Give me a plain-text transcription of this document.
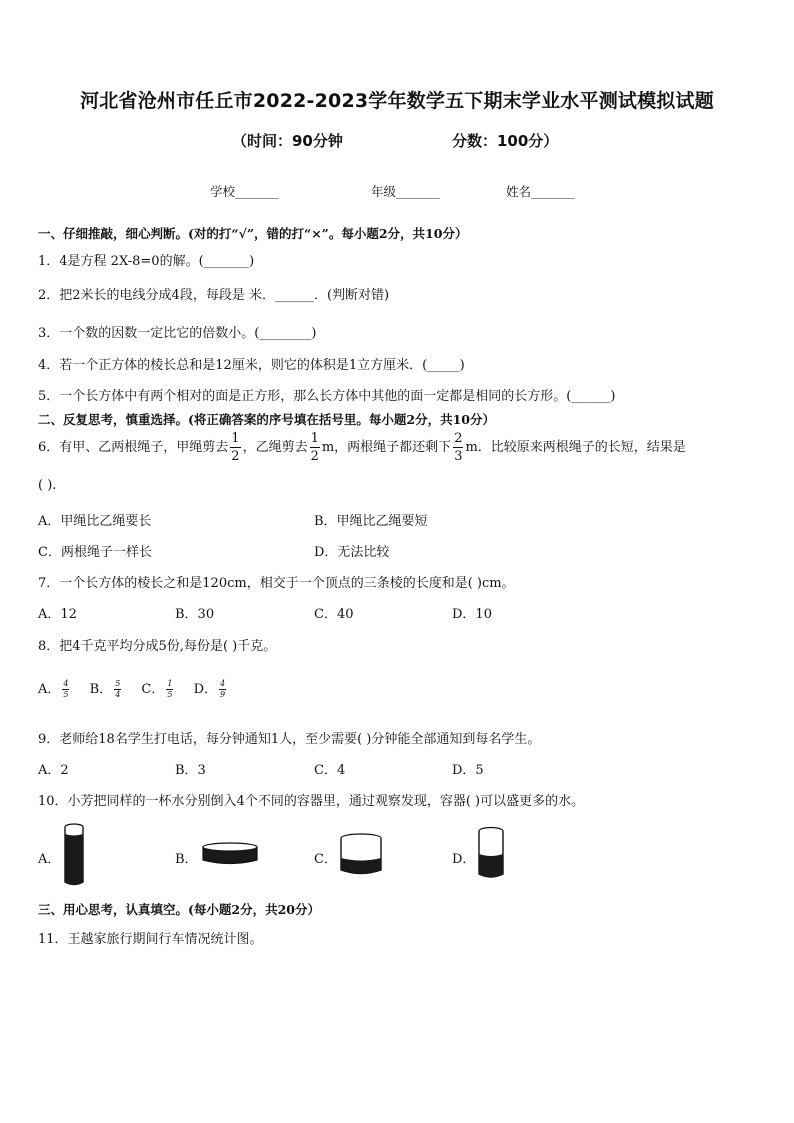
河北省沧州市任丘市2022-2023学年数学五下期末学业水平测试模拟试题
（时间：90分钟	分数：100分）
学校_______	年级_______	姓名_______
一、仔细推敲，细心判断。(对的打“√”，错的打“×”。每小题2分，共10分）
1．4是方程 2X-8=0的解。(_______)
2．把2米长的电线分成4段，每段是 米．______．(判断对错)
3．一个数的因数一定比它的倍数小。(________)
4．若一个正方体的棱长总和是12厘米，则它的体积是1立方厘米．(_____)
5．一个长方体中有两个相对的面是正方形，那么长方体中其他的面一定都是相同的长方形。(______)
二、反复思考，慎重选择。(将正确答案的序号填在括号里。每小题2分，共10分）
6．有甲、乙两根绳子，甲绳剪去 $\frac{1}{2}$ ，乙绳剪去 $\frac{1}{2}$ m，两根绳子都还剩下 $\frac{2}{3}$ m．比较原来两根绳子的长短，结果是
( ).
A．甲绳比乙绳要长	B．甲绳比乙绳要短
C．两根绳子一样长	D．无法比较
7．一个长方体的棱长之和是120cm，相交于一个顶点的三条棱的长度和是( )cm。
A．12	B．30	C．40	D．10
8．把4千克平均分成5份,每份是( )千克。
A． $\frac{4}{5}$ B． $\frac{5}{4}$ C． $\frac{1}{5}$ D． $\frac{4}{9}$
9．老师给18名学生打电话，每分钟通知1人，至少需要( )分钟能全部通知到每名学生。
A．2	B．3	C．4	D．5
10．小芳把同样的一杯水分别倒入4个不同的容器里，通过观察发现，容器( )可以盛更多的水。
A．	B．	C．	D．
三、用心思考，认真填空。(每小题2分，共20分）
11．王越家旅行期间行车情况统计图。
